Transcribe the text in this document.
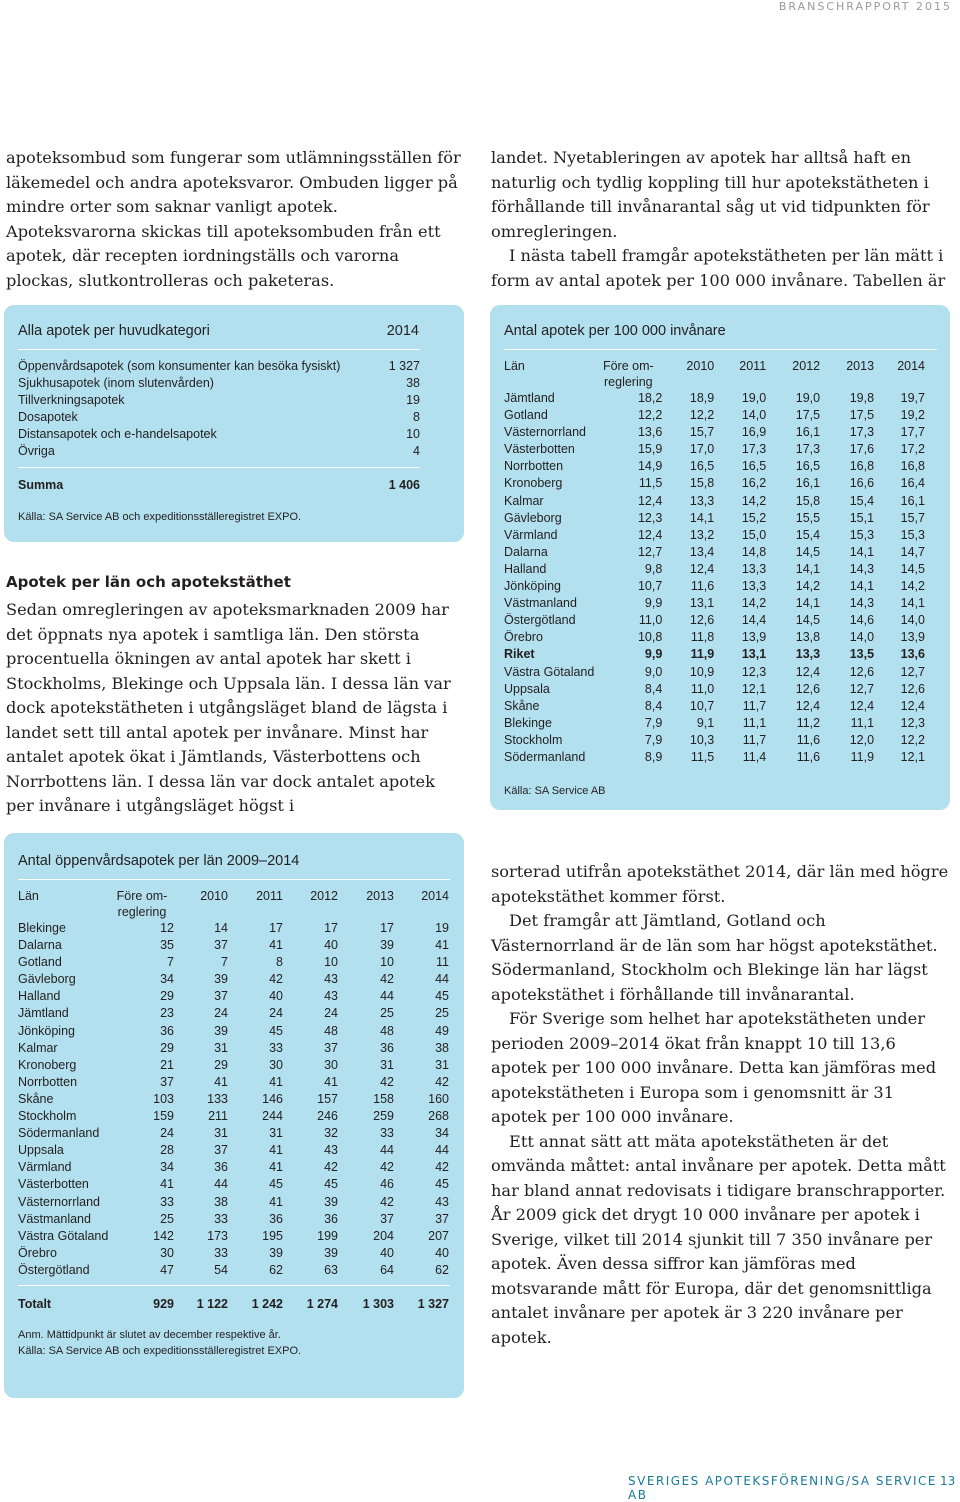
BRANSCHRAPPORT 2015
SVERIGES APOTEKSFÖRENING/SA SERVICE AB
13

apoteksombud som fungerar som utlämningsställen för läkemedel och andra apoteksvaror. Ombuden ligger på mindre orter som saknar vanligt apotek. Apoteksvarorna skickas till apoteksombuden från ett apotek, där recepten iordningställs och varorna plockas, slutkontrolleras och paketeras.

landet. Nyetableringen av apotek har alltså haft en naturlig och tydlig koppling till hur apotekstätheten i förhållande till invånarantal såg ut vid tidpunkten för omregleringen.

I nästa tabell framgår apotekstätheten per län mätt i form av antal apotek per 100 000 invånare. Tabellen är

Alla apotek per huvudkategori	2014
Öppenvårdsapotek (som konsumenter kan besöka fysiskt)	1 327
Sjukhusapotek (inom slutenvården)	38
Tillverkningsapotek	19
Dosapotek	8
Distansapotek och e-handelsapotek	10
Övriga	4
Summa	1 406
Källa: SA Service AB och expeditionsställeregistret EXPO.
Apotek per län och apotekstäthet

Sedan omregleringen av apoteksmarknaden 2009 har det öppnats nya apotek i samtliga län. Den största procentuella ökningen av antal apotek har skett i Stockholms, Blekinge och Uppsala län. I dessa län var dock apotekstätheten i utgångsläget bland de lägsta i landet sett till antal apotek per invånare. Minst har antalet apotek ökat i Jämtlands, Västerbottens och Norrbottens län. I dessa län var dock antalet apotek per invånare i utgångsläget högst i

Antal apotek per 100 000 invånare
Län	Före om-
reglering	2010	2011	2012	2013	2014
Jämtland	18,2	18,9	19,0	19,0	19,8	19,7
Gotland	12,2	12,2	14,0	17,5	17,5	19,2
Västernorrland	13,6	15,7	16,9	16,1	17,3	17,7
Västerbotten	15,9	17,0	17,3	17,3	17,6	17,2
Norrbotten	14,9	16,5	16,5	16,5	16,8	16,8
Kronoberg	11,5	15,8	16,2	16,1	16,6	16,4
Kalmar	12,4	13,3	14,2	15,8	15,4	16,1
Gävleborg	12,3	14,1	15,2	15,5	15,1	15,7
Värmland	12,4	13,2	15,0	15,4	15,3	15,3
Dalarna	12,7	13,4	14,8	14,5	14,1	14,7
Halland	9,8	12,4	13,3	14,1	14,3	14,5
Jönköping	10,7	11,6	13,3	14,2	14,1	14,2
Västmanland	9,9	13,1	14,2	14,1	14,3	14,1
Östergötland	11,0	12,6	14,4	14,5	14,6	14,0
Örebro	10,8	11,8	13,9	13,8	14,0	13,9
Riket	9,9	11,9	13,1	13,3	13,5	13,6
Västra Götaland	9,0	10,9	12,3	12,4	12,6	12,7
Uppsala	8,4	11,0	12,1	12,6	12,7	12,6
Skåne	8,4	10,7	11,7	12,4	12,4	12,4
Blekinge	7,9	9,1	11,1	11,2	11,1	12,3
Stockholm	7,9	10,3	11,7	11,6	12,0	12,2
Södermanland	8,9	11,5	11,4	11,6	11,9	12,1
Källa: SA Service AB
Antal öppenvårdsapotek per län 2009–2014
Län	Före om-
reglering	2010	2011	2012	2013	2014
Blekinge	12	14	17	17	17	19
Dalarna	35	37	41	40	39	41
Gotland	7	7	8	10	10	11
Gävleborg	34	39	42	43	42	44
Halland	29	37	40	43	44	45
Jämtland	23	24	24	24	25	25
Jönköping	36	39	45	48	48	49
Kalmar	29	31	33	37	36	38
Kronoberg	21	29	30	30	31	31
Norrbotten	37	41	41	41	42	42
Skåne	103	133	146	157	158	160
Stockholm	159	211	244	246	259	268
Södermanland	24	31	31	32	33	34
Uppsala	28	37	41	43	44	44
Värmland	34	36	41	42	42	42
Västerbotten	41	44	45	45	46	45
Västernorrland	33	38	41	39	42	43
Västmanland	25	33	36	36	37	37
Västra Götaland	142	173	195	199	204	207
Örebro	30	33	39	39	40	40
Östergötland	47	54	62	63	64	62
Totalt	929	1 122	1 242	1 274	1 303	1 327
Anm. Mättidpunkt är slutet av december respektive år.
Källa: SA Service AB och expeditionsställeregistret EXPO.

sorterad utifrån apotekstäthet 2014, där län med högre apotekstäthet kommer först.

Det framgår att Jämtland, Gotland och Västernorrland är de län som har högst apotekstäthet. Södermanland, Stockholm och Blekinge län har lägst apotekstäthet i förhållande till invånarantal.

För Sverige som helhet har apotekstätheten under perioden 2009–2014 ökat från knappt 10 till 13,6 apotek per 100 000 invånare. Detta kan jämföras med apotekstätheten i Europa som i genomsnitt är 31 apotek per 100 000 invånare.

Ett annat sätt att mäta apotekstätheten är det omvända måttet: antal invånare per apotek. Detta mått har bland annat redovisats i tidigare branschrapporter. År 2009 gick det drygt 10 000 invånare per apotek i Sverige, vilket till 2014 sjunkit till 7 350 invånare per apotek. Även dessa siffror kan jämföras med motsvarande mått för Europa, där det genomsnittliga antalet invånare per apotek är 3 220 invånare per apotek.
